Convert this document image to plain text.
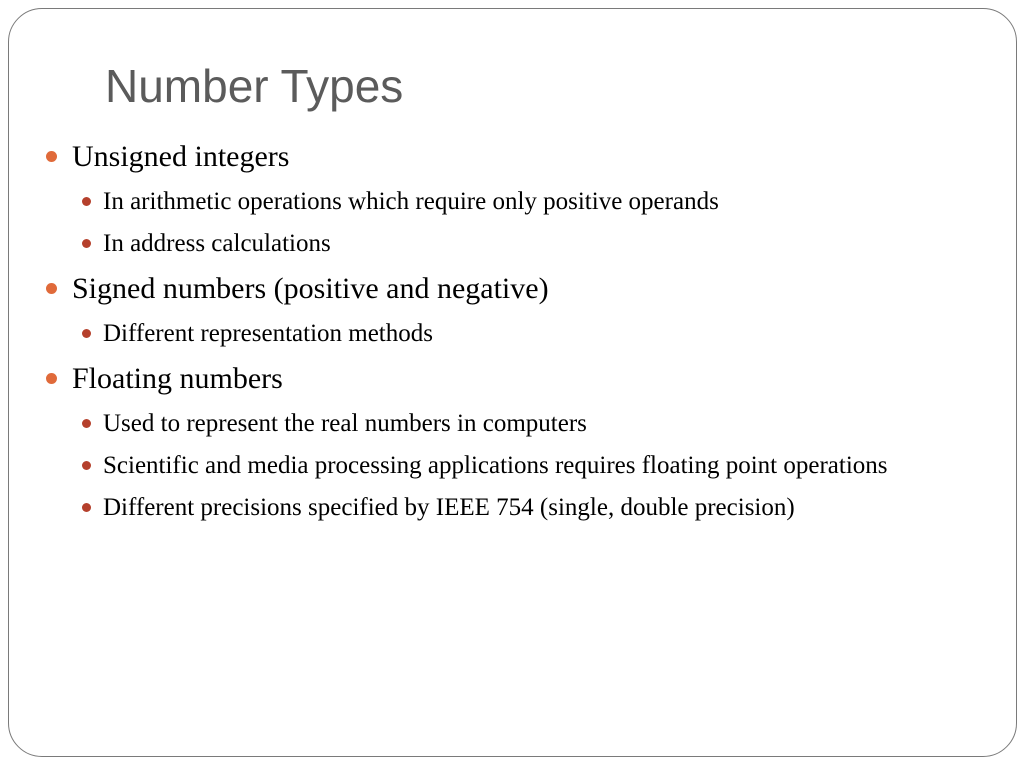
Number Types
Unsigned integers
In arithmetic operations which require only positive operands
In address calculations
Signed numbers (positive and negative)
Different representation methods
Floating numbers
Used to represent the real numbers in computers
Scientific and media processing applications requires floating point operations
Different precisions specified by IEEE 754 (single, double precision)
